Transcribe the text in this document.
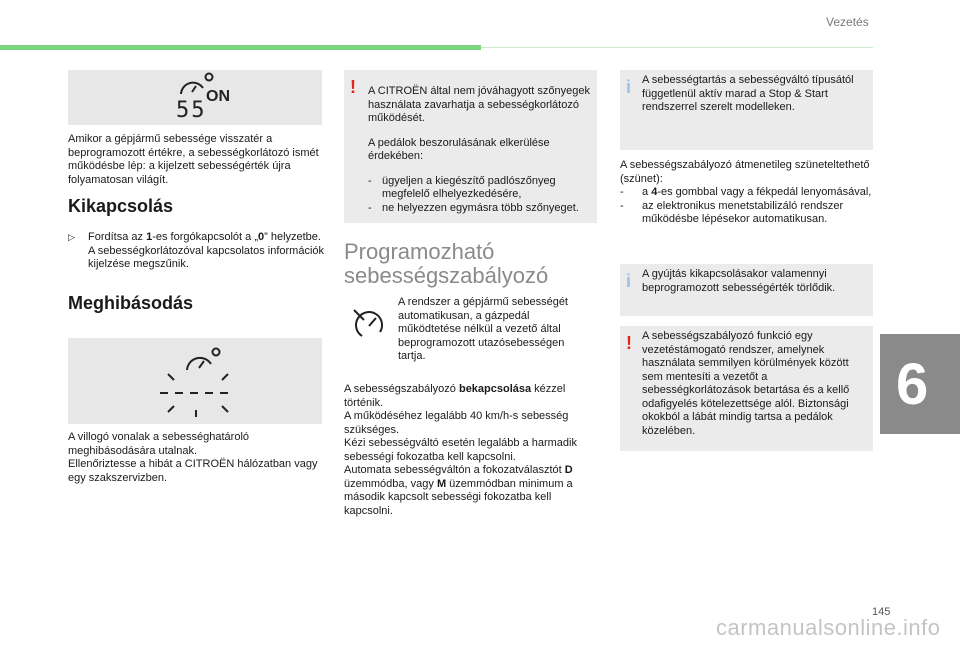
Vezetés
ON
55

Amikor a gépjármű sebessége visszatér a beprogramozott értékre, a sebességkorlátozó ismét működésbe lép: a kijelzett sebességérték újra folyamatosan világít.

Kikapcsolás
▷ Fordítsa az 1-es forgókapcsolót a „0” helyzetbe. A sebességkorlátozóval kapcsolatos információk kijelzése megszűnik.
Meghibásodás

A villogó vonalak a sebességhatároló meghibásodására utalnak.

Ellenőriztesse a hibát a CITROËN hálózatban vagy egy szakszervizben.

! A CITROËN által nem jóváhagyott szőnyegek használata zavarhatja a sebességkorlátozó működését.

A pedálok beszorulásának elkerülése érdekében:

- ügyeljen a kiegészítő padlószőnyeg megfelelő elhelyezkedésére,
- ne helyezzen egymásra több szőnyeget.
Programozható
sebességszabályozó
A rendszer a gépjármű sebességét automatikusan, a gázpedál működtetése nélkül a vezető által beprogramozott utazósebességen tartja.

A sebességszabályozó bekapcsolása kézzel történik.

A működéséhez legalább 40 km/h-s sebesség szükséges.

Kézi sebességváltó esetén legalább a harmadik sebességi fokozatba kell kapcsolni.

Automata sebességváltón a fokozatválasztót D üzemmódba, vagy M üzemmódban minimum a második kapcsolt sebességi fokozatba kell kapcsolni.

i A sebességtartás a sebességváltó típusától függetlenül aktív marad a Stop & Start rendszerrel szerelt modelleken.

A sebességszabályozó átmenetileg szüneteltethető (szünet):

- a 4-es gombbal vagy a fékpedál lenyomásával,
- az elektronikus menetstabilizáló rendszer működésbe lépésekor automatikusan.
i A gyújtás kikapcsolásakor valamennyi beprogramozott sebességérték törlődik.
! A sebességszabályozó funkció egy vezetéstámogató rendszer, amelynek használata semmilyen körülmények között sem mentesíti a vezetőt a sebességkorlátozások betartása és a kellő odafigyelés kötelezettsége alól. Biztonsági okokból a lábát mindig tartsa a pedálok közelében.
6
145
carmanualsonline.info
